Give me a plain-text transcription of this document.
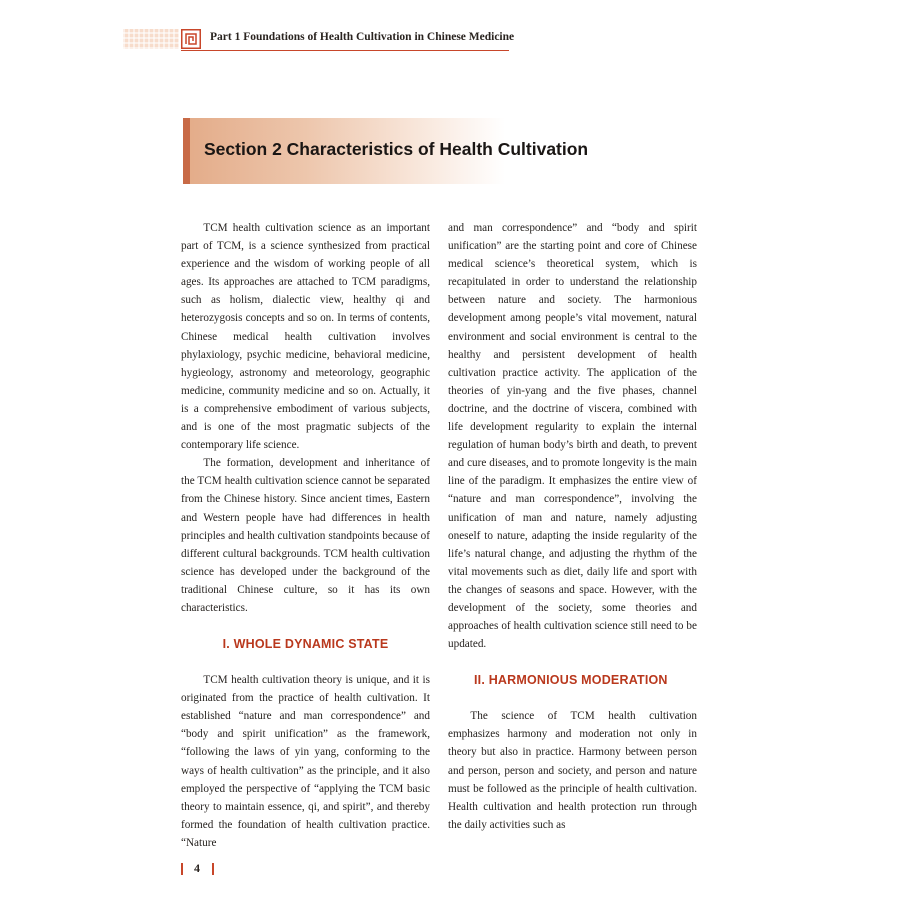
Part 1 Foundations of Health Cultivation in Chinese Medicine
Section 2 Characteristics of Health Cultivation

TCM health cultivation science as an important part of TCM, is a science synthesized from practical experience and the wisdom of working people of all ages. Its approaches are attached to TCM paradigms, such as holism, dialectic view, healthy qi and heterozygosis concepts and so on. In terms of contents, Chinese medical health cultivation involves phylaxiology, psychic medicine, behavioral medicine, hygieology, astronomy and meteorology, geographic medicine, community medicine and so on. Actually, it is a comprehensive embodiment of various subjects, and is one of the most pragmatic subjects of the contemporary life science.

The formation, development and inheritance of the TCM health cultivation science cannot be separated from the Chinese history. Since ancient times, Eastern and Western people have had differences in health principles and health cultivation standpoints because of different cultural backgrounds. TCM health cultivation science has developed under the background of the traditional Chinese culture, so it has its own characteristics.

I. WHOLE DYNAMIC STATE

TCM health cultivation theory is unique, and it is originated from the practice of health cultivation. It established “nature and man correspondence” and “body and spirit unification” as the framework, “following the laws of yin yang, conforming to the ways of health cultivation” as the principle, and it also employed the perspective of “applying the TCM basic theory to maintain essence, qi, and spirit”, and thereby formed the foundation of health cultivation practice. “Nature

and man correspondence” and “body and spirit unification” are the starting point and core of Chinese medical science’s theoretical system, which is recapitulated in order to understand the relationship between nature and society. The harmonious development among people’s vital movement, natural environment and social environment is central to the healthy and persistent development of health cultivation practice activity. The application of the theories of yin-yang and the five phases, channel doctrine, and the doctrine of viscera, combined with life development regularity to explain the internal regulation of human body’s birth and death, to prevent and cure diseases, and to promote longevity is the main line of the paradigm. It emphasizes the entire view of “nature and man correspondence”, involving the unification of man and nature, namely adjusting oneself to nature, adapting the inside regularity of the life’s natural change, and adjusting the rhythm of the vital movements such as diet, daily life and sport with the changes of seasons and space. However, with the development of the society, some theories and approaches of health cultivation science still need to be updated.

II. HARMONIOUS MODERATION

The science of TCM health cultivation emphasizes harmony and moderation not only in theory but also in practice. Harmony between person and person, person and society, and person and nature must be followed as the principle of health cultivation. Health cultivation and health protection run through the daily activities such as

4
